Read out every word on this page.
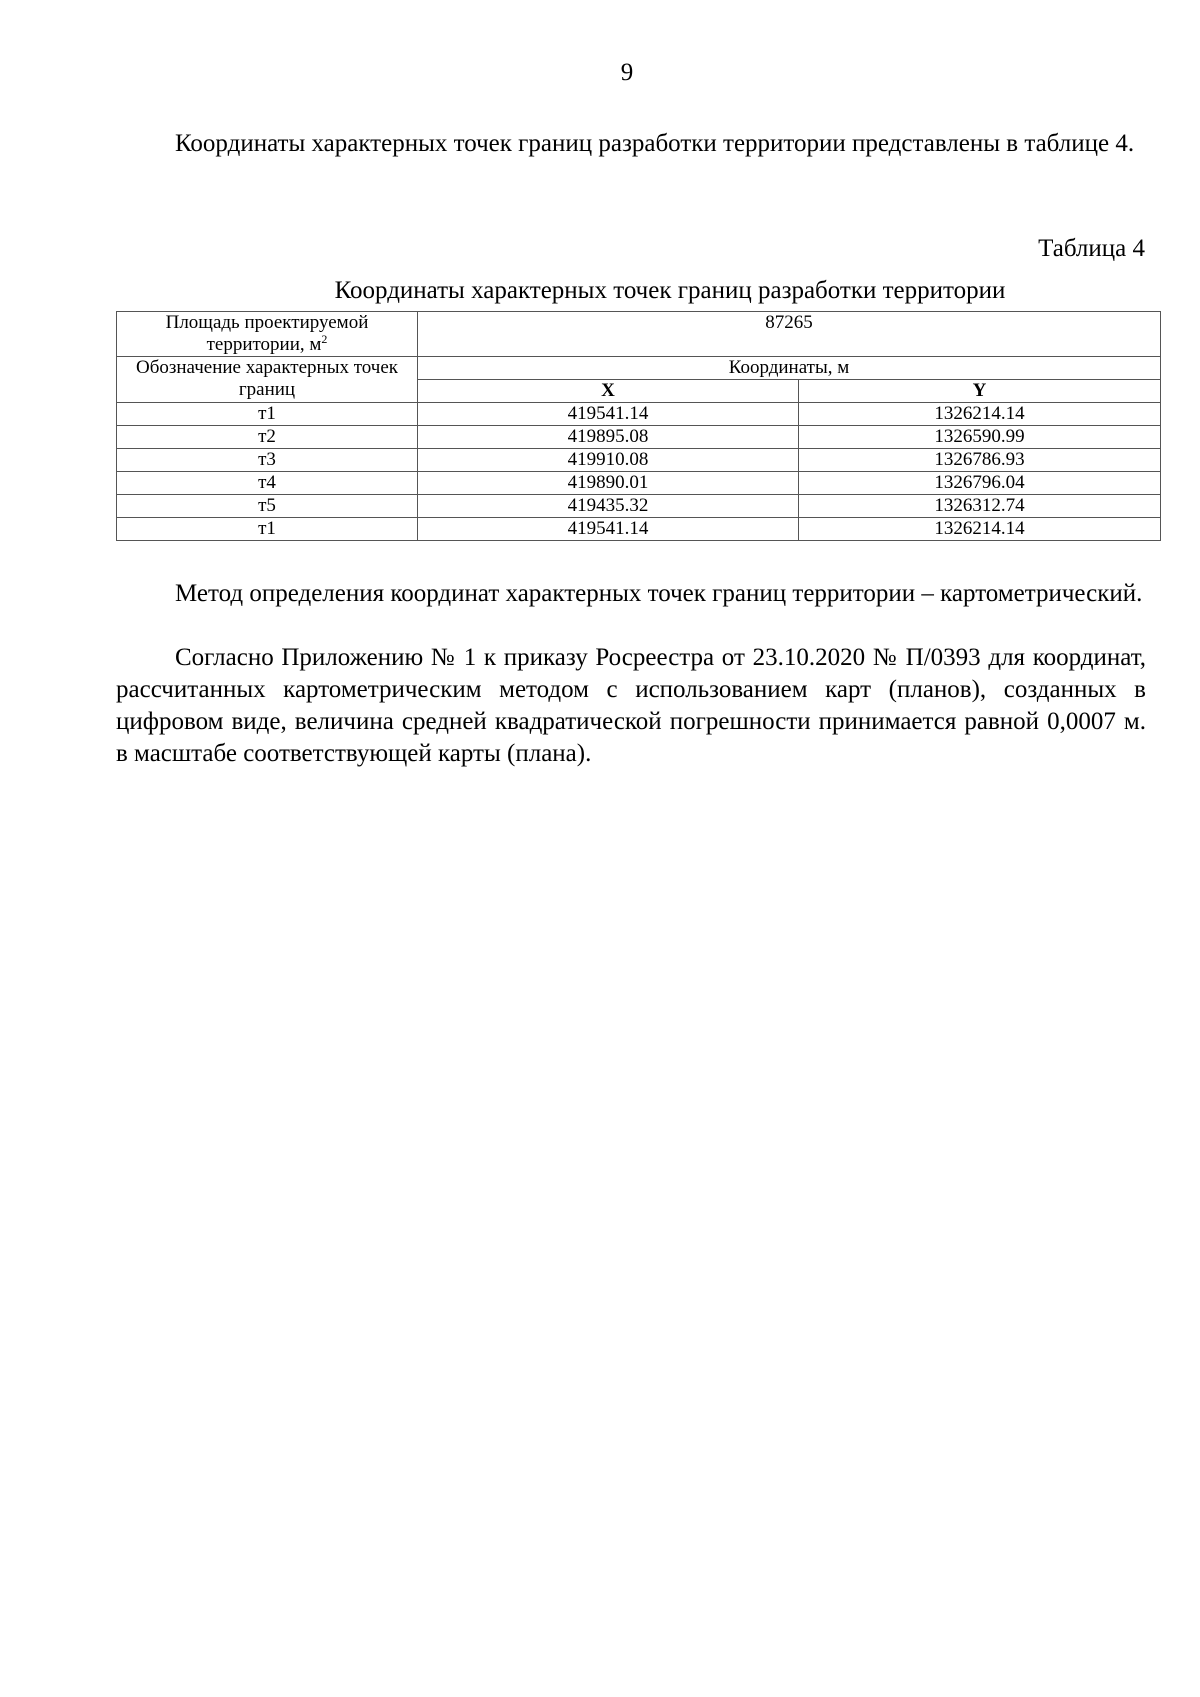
9

Координаты характерных точек границ разработки территории представлены в таблице 4.

Таблица 4
Координаты характерных точек границ разработки территории
Площадь проектируемой территории, $м^2$	87265	
Обозначение характерных точек границ	Координаты, м	
	X	Y
т1	419541.14	1326214.14
т2	419895.08	1326590.99
т3	419910.08	1326786.93
т4	419890.01	1326796.04
т5	419435.32	1326312.74
т1	419541.14	1326214.14

Метод определения координат характерных точек границ территории – картометрический.

Согласно Приложению № 1 к приказу Росреестра от 23.10.2020 № П/0393 для координат, рассчитанных картометрическим методом с использованием карт (планов), созданных в цифровом виде, величина средней квадратической погрешности принимается равной 0,0007 м. в масштабе соответствующей карты (плана).
